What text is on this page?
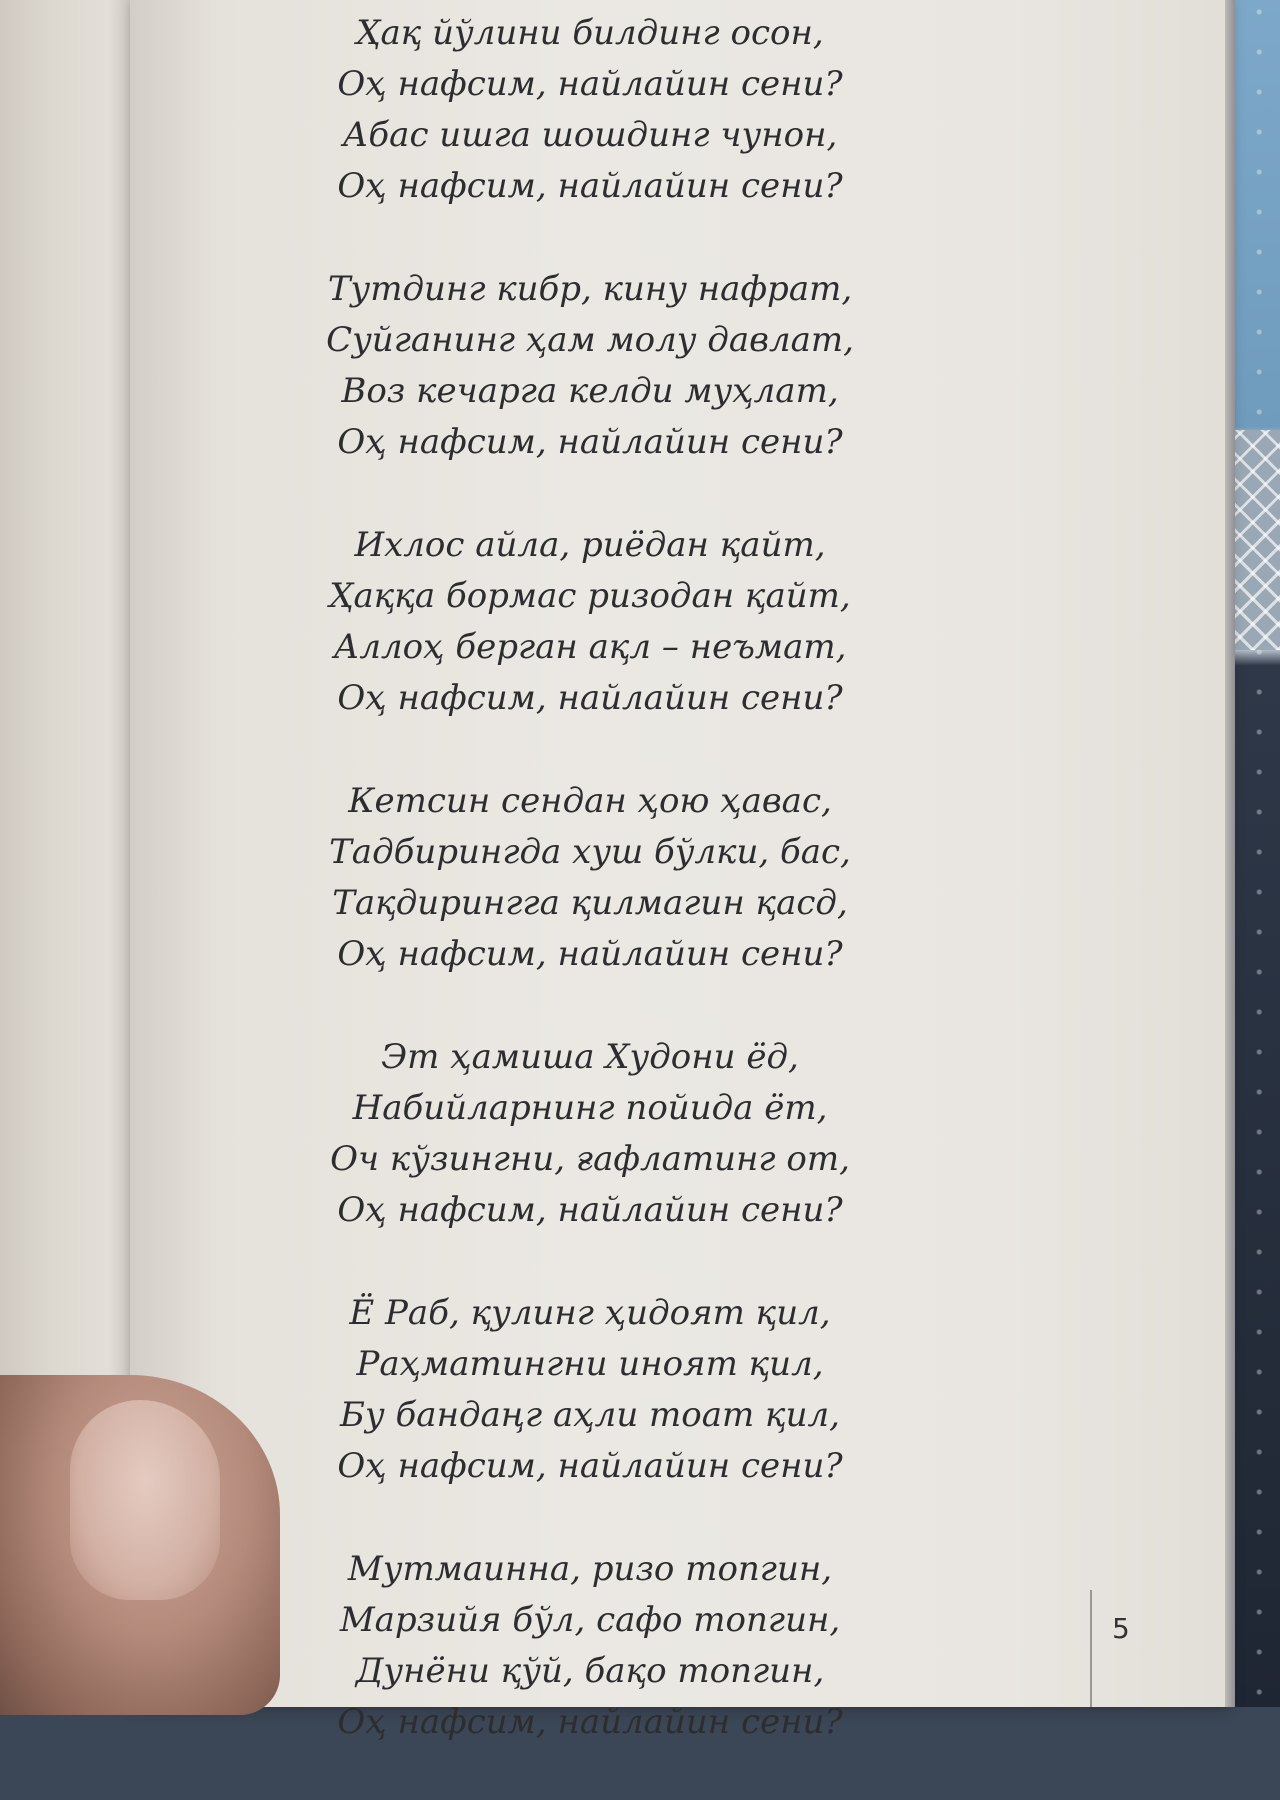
Ҳақ йўлини билдинг осон,
Оҳ нафсим, найлайин сени?
Абас ишга шошдинг чунон,
Оҳ нафсим, найлайин сени?
Тутдинг кибр, кину нафрат,
Суйганинг ҳам молу давлат,
Воз кечарга келди муҳлат,
Оҳ нафсим, найлайин сени?
Ихлос айла, риёдан қайт,
Ҳаққа бормас ризодан қайт,
Аллоҳ берган ақл – неъмат,
Оҳ нафсим, найлайин сени?
Кетсин сендан ҳою ҳавас,
Тадбирингда хуш бўлки, бас,
Тақдирингга қилмагин қасд,
Оҳ нафсим, найлайин сени?
Эт ҳамиша Худони ёд,
Набийларнинг пойида ёт,
Оч кўзингни, ғафлатинг от,
Оҳ нафсим, найлайин сени?
Ё Раб, қулинг ҳидоят қил,
Раҳматингни иноят қил,
Бу бандаңг аҳли тоат қил,
Оҳ нафсим, найлайин сени?
Мутмаинна, ризо топгин,
Марзийя бўл, сафо топгин,
Дунёни қўй, бақо топгин,
Оҳ нафсим, найлайин сени?
5
